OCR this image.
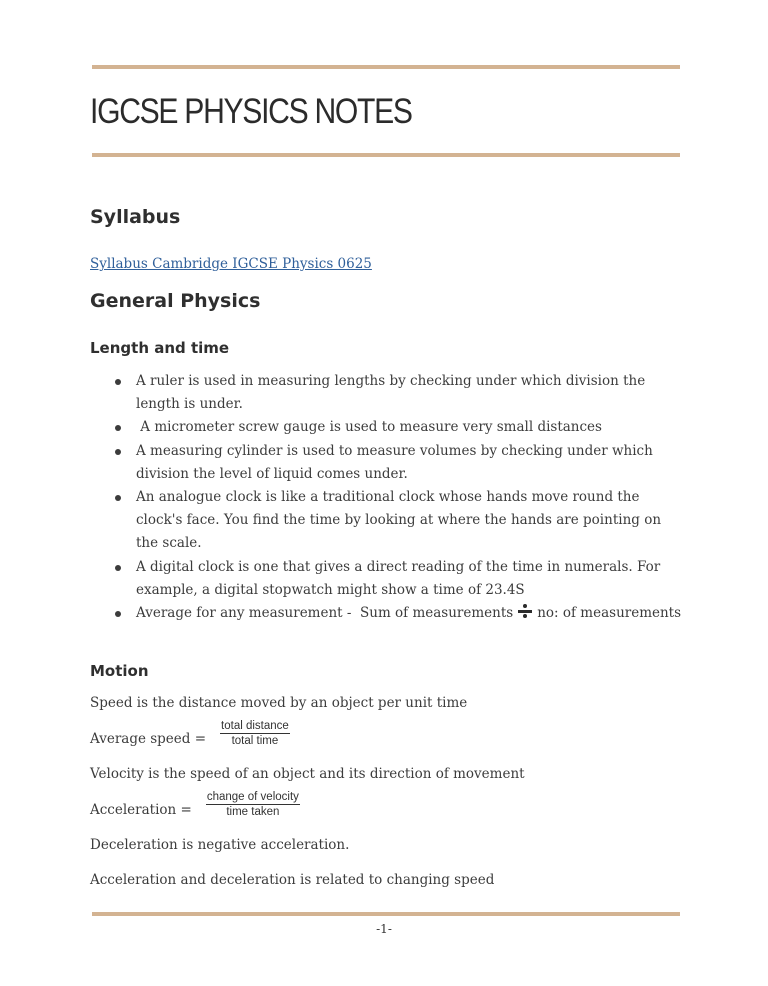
IGCSE PHYSICS NOTES
Syllabus
Syllabus Cambridge IGCSE Physics 0625
General Physics
Length and time
A ruler is used in measuring lengths by checking under which division the length is under.
A micrometer screw gauge is used to measure very small distances
A measuring cylinder is used to measure volumes by checking under which division the level of liquid comes under.
An analogue clock is like a traditional clock whose hands move round the clock's face. You find the time by looking at where the hands are pointing on the scale.
A digital clock is one that gives a direct reading of the time in numerals. For example, a digital stopwatch might show a time of 23.4S
Average for any measurement -  Sum of measurements no: of measurements
Motion

Speed is the distance moved by an object per unit time

Average speed = $\frac{\text{total distance}}{\text{total time}}$

Velocity is the speed of an object and its direction of movement

Acceleration = $\frac{\text{change of velocity}}{\text{time taken}}$

Deceleration is negative acceleration.

Acceleration and deceleration is related to changing speed

-1-
